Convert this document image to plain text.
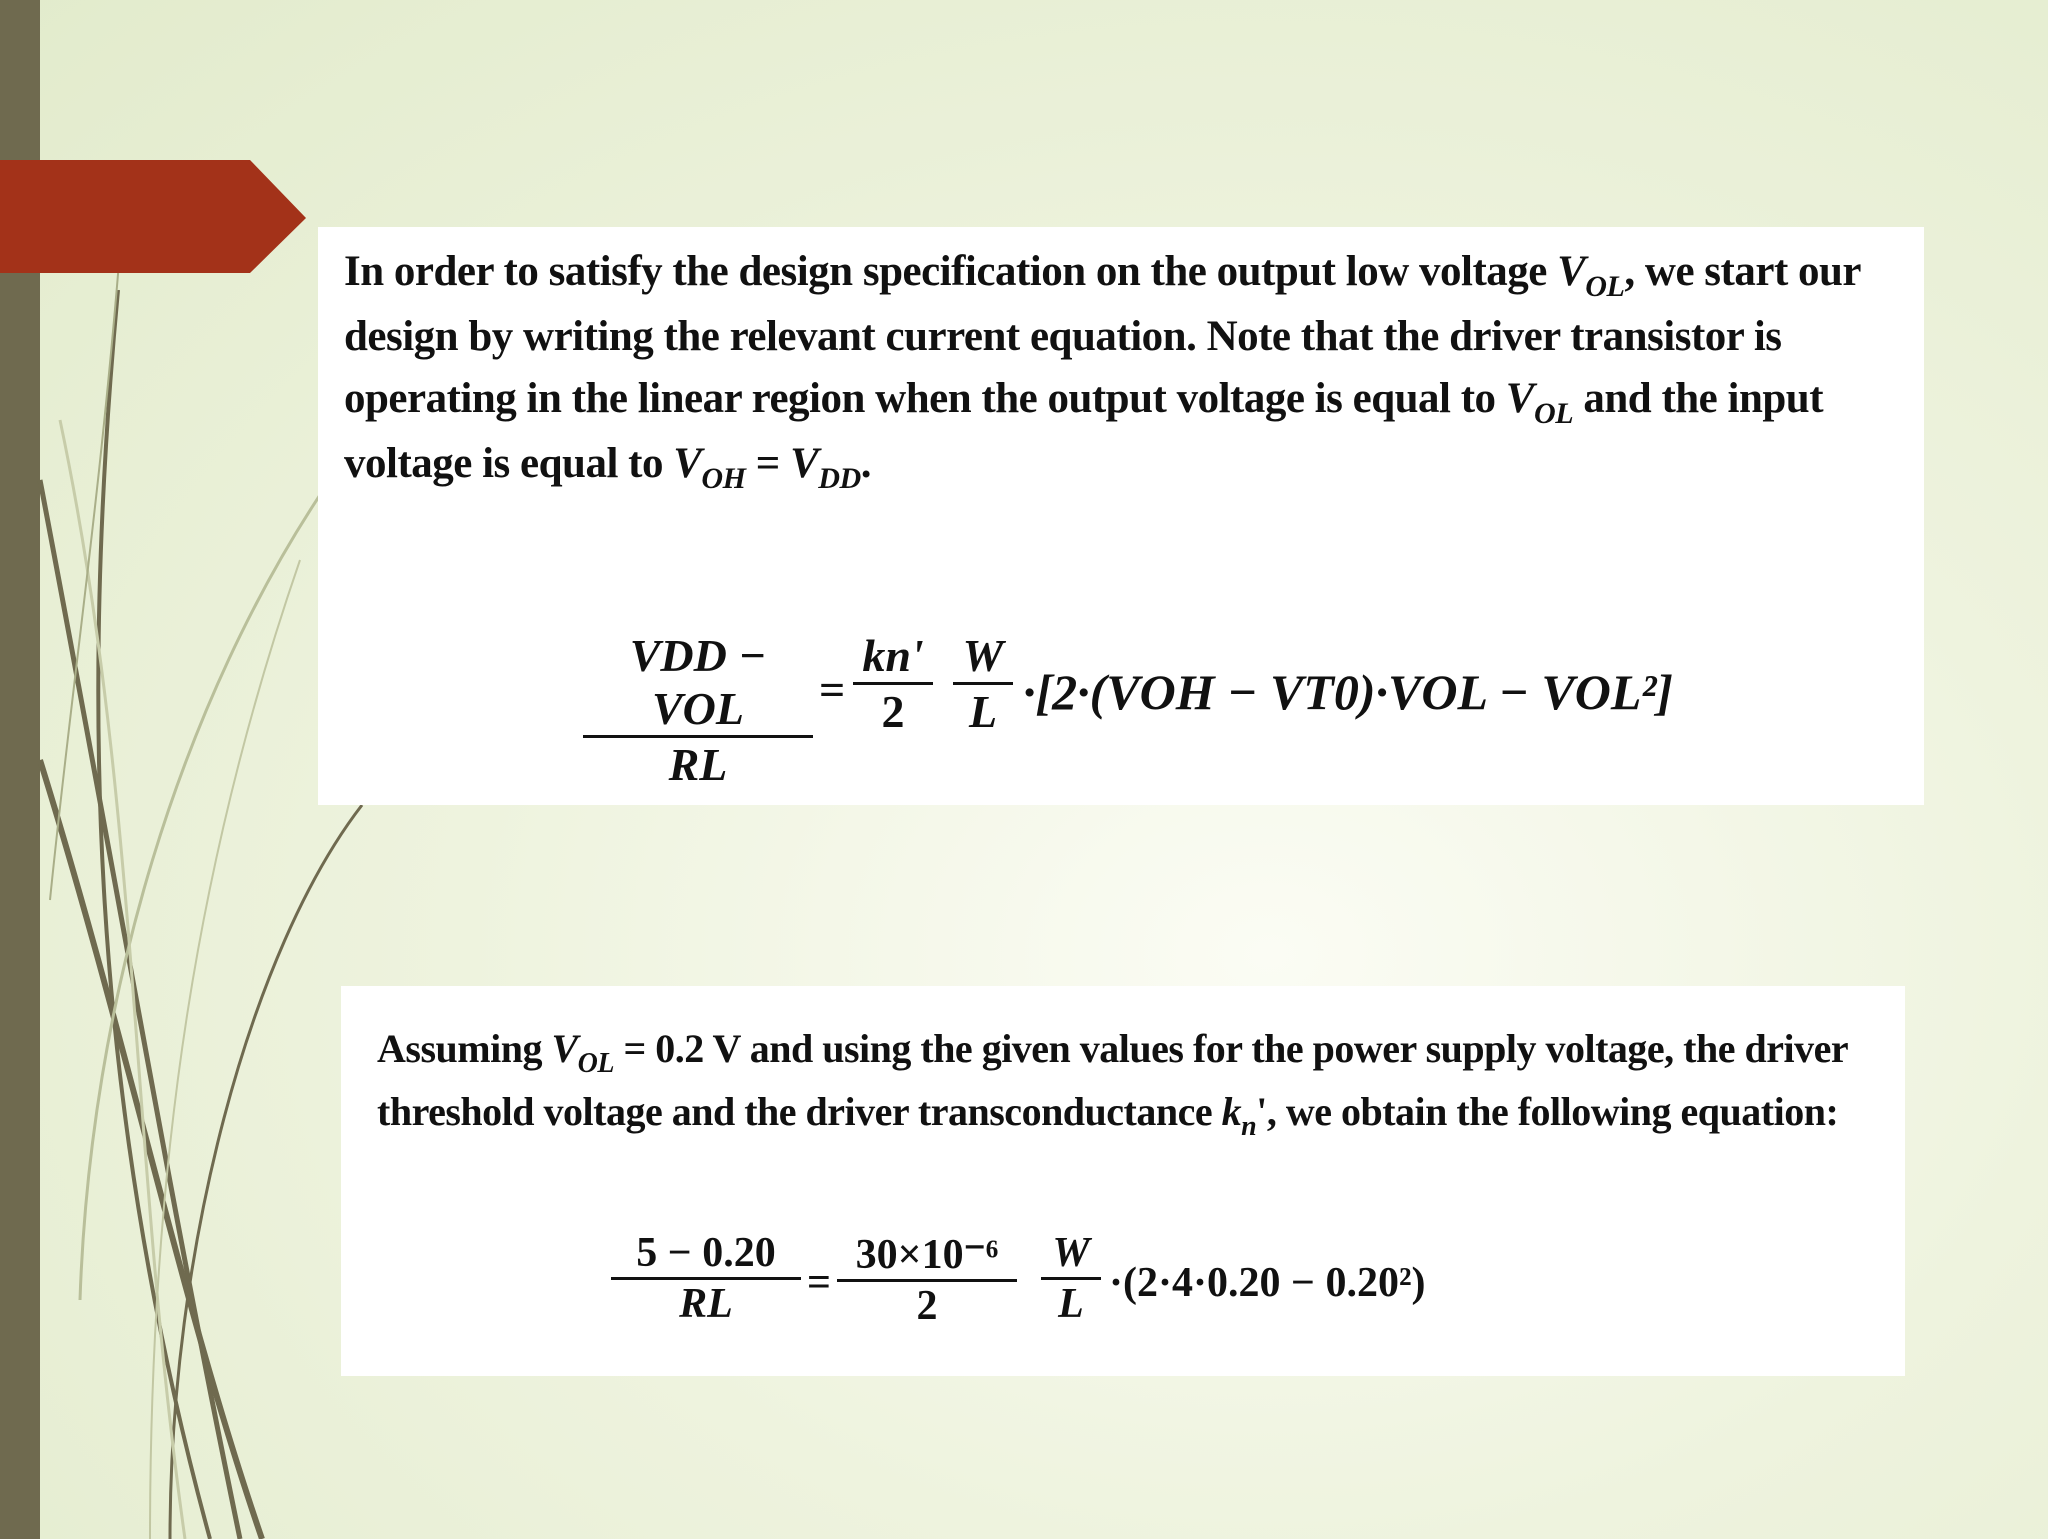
In order to satisfy the design specification on the output low voltage $V_{OL}$, we start our design by writing the relevant current equation. Note that the driver transistor is operating in the linear region when the output voltage is equal to $V_{OL}$ and the input voltage is equal to $V_{OH} = V_{DD}$.

VDD − VOL
RL
= $\frac{kn'}{2} \frac{W}{L} \cdot[2\cdot(VOH - VT0)\cdot VOL - VOL^2]$

Assuming $V_{OL} = 0.2$ V and using the given values for the power supply voltage, the driver threshold voltage and the driver transconductance $k_n'$, we obtain the following equation:

$\frac{5 - 0.20}{RL} = \frac{\text{30×10⁻⁶}}{2} \frac{W}{L} \cdot(2\cdot 4\cdot 0.20 - 0.20^2)$
